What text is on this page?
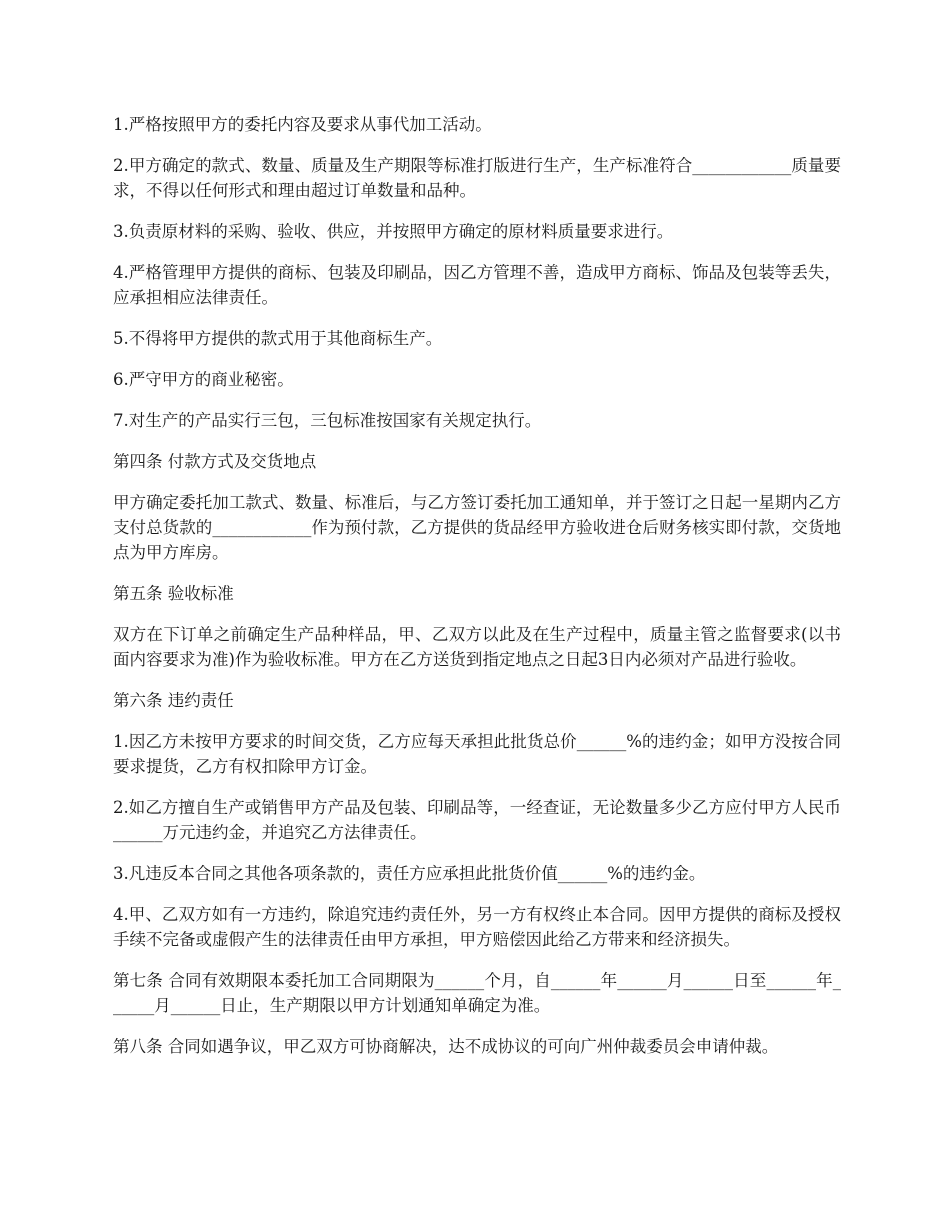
1.严格按照甲方的委托内容及要求从事代加工活动。

2.甲方确定的款式、数量、质量及生产期限等标准打版进行生产，生产标准符合____________质量要求，不得以任何形式和理由超过订单数量和品种。

3.负责原材料的采购、验收、供应，并按照甲方确定的原材料质量要求进行。

4.严格管理甲方提供的商标、包装及印刷品，因乙方管理不善，造成甲方商标、饰品及包装等丢失，应承担相应法律责任。

5.不得将甲方提供的款式用于其他商标生产。

6.严守甲方的商业秘密。

7.对生产的产品实行三包，三包标准按国家有关规定执行。

第四条 付款方式及交货地点

甲方确定委托加工款式、数量、标准后，与乙方签订委托加工通知单，并于签订之日起一星期内乙方支付总货款的____________作为预付款，乙方提供的货品经甲方验收进仓后财务核实即付款，交货地点为甲方库房。

第五条 验收标准

双方在下订单之前确定生产品种样品，甲、乙双方以此及在生产过程中，质量主管之监督要求(以书面内容要求为准)作为验收标准。甲方在乙方送货到指定地点之日起3日内必须对产品进行验收。

第六条 违约责任

1.因乙方未按甲方要求的时间交货，乙方应每天承担此批货总价______%的违约金；如甲方没按合同要求提货，乙方有权扣除甲方订金。

2.如乙方擅自生产或销售甲方产品及包装、印刷品等，一经查证，无论数量多少乙方应付甲方人民币______万元违约金，并追究乙方法律责任。

3.凡违反本合同之其他各项条款的，责任方应承担此批货价值______%的违约金。

4.甲、乙双方如有一方违约，除追究违约责任外，另一方有权终止本合同。因甲方提供的商标及授权手续不完备或虚假产生的法律责任由甲方承担，甲方赔偿因此给乙方带来和经济损失。

第七条 合同有效期限本委托加工合同期限为______个月，自______年______月______日至______年______月______日止，生产期限以甲方计划通知单确定为准。

第八条 合同如遇争议，甲乙双方可协商解决，达不成协议的可向广州仲裁委员会申请仲裁。
